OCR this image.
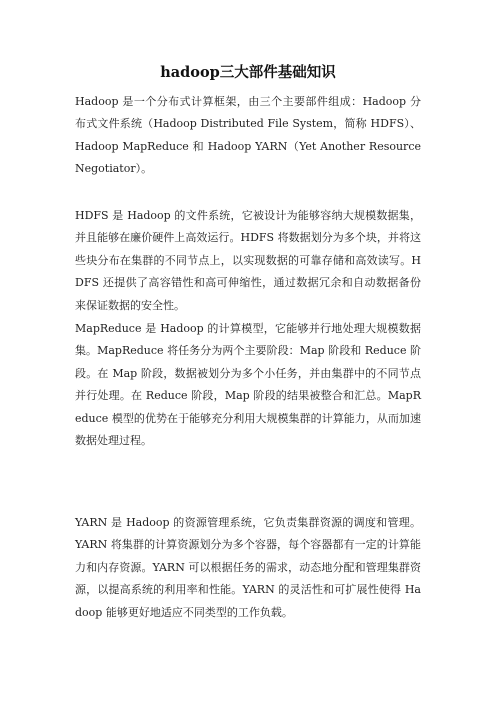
hadoop三大部件基础知识

Hadoop 是一个分布式计算框架，由三个主要部件组成：Hadoop 分布式文件系统（Hadoop Distributed File System，简称 HDFS）、Hadoop MapReduce 和 Hadoop YARN（Yet Another Resource Negotiator）。

HDFS 是 Hadoop 的文件系统，它被设计为能够容纳大规模数据集，并且能够在廉价硬件上高效运行。HDFS 将数据划分为多个块，并将这些块分布在集群的不同节点上，以实现数据的可靠存储和高效读写。HDFS 还提供了高容错性和高可伸缩性，通过数据冗余和自动数据备份来保证数据的安全性。

MapReduce 是 Hadoop 的计算模型，它能够并行地处理大规模数据集。MapReduce 将任务分为两个主要阶段：Map 阶段和 Reduce 阶段。在 Map 阶段，数据被划分为多个小任务，并由集群中的不同节点并行处理。在 Reduce 阶段，Map 阶段的结果被整合和汇总。MapReduce 模型的优势在于能够充分利用大规模集群的计算能力，从而加速数据处理过程。

YARN 是 Hadoop 的资源管理系统，它负责集群资源的调度和管理。YARN 将集群的计算资源划分为多个容器，每个容器都有一定的计算能力和内存资源。YARN 可以根据任务的需求，动态地分配和管理集群资源，以提高系统的利用率和性能。YARN 的灵活性和可扩展性使得 Hadoop 能够更好地适应不同类型的工作负载。
